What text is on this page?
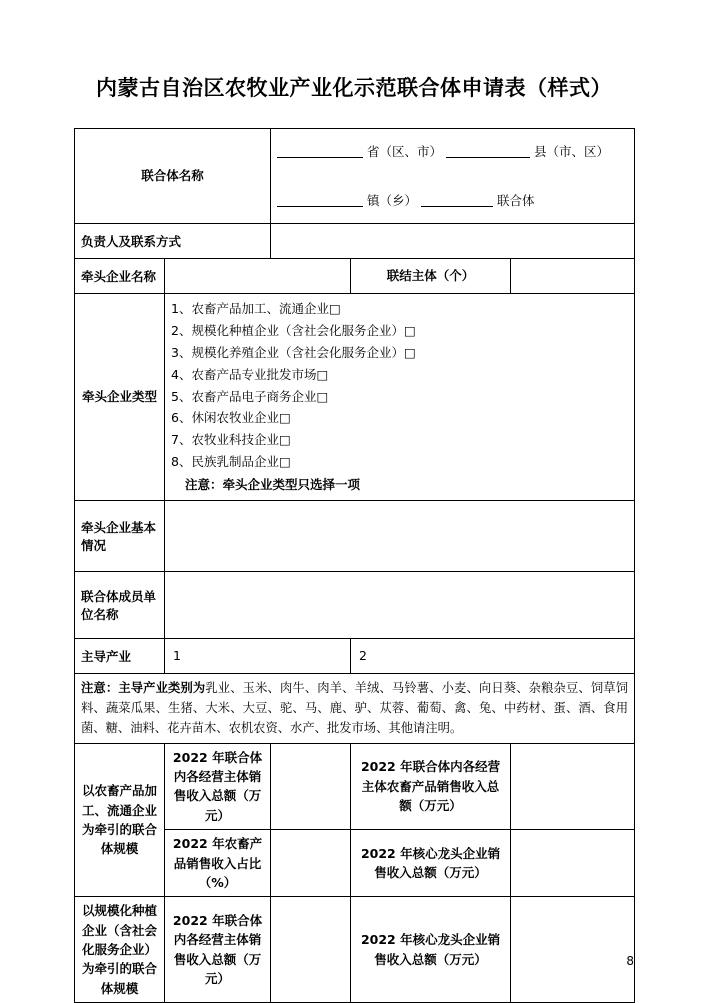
内蒙古自治区农牧业产业化示范联合体申请表（样式）
联合体名称		省（区、市） 县（市、区）
镇（乡） 联合体		

负责人及联系方式				
牵头企业名称			联结主体（个）	
牵头企业类型	
1、农畜产品加工、流通企业□
2、规模化种植企业（含社会化服务企业）□
3、规模化养殖企业（含社会化服务企业）□
4、农畜产品专业批发市场□
5、农畜产品电子商务企业□
6、休闲农牧业企业□
7、农牧业科技企业□
8、民族乳制品企业□
注意：牵头企业类型只选择一项

牵头企业基本情况				
联合体成员单位名称				
主导产业	1		2	
注意：主导产业类别为乳业、玉米、肉牛、肉羊、羊绒、马铃薯、小麦、向日葵、杂粮杂豆、饲草饲料、蔬菜瓜果、生猪、大米、大豆、驼、马、鹿、驴、苁蓉、葡萄、禽、兔、中药材、蛋、酒、食用菌、糖、油料、花卉苗木、农机农资、水产、批发市场、其他请注明。				
以农畜产品加工、流通企业为牵引的联合体规模	2022 年联合体内各经营主体销售收入总额（万元）		2022 年联合体内各经营主体农畜产品销售收入总额（万元）	
	2022 年农畜产品销售收入占比（%）		2022 年核心龙头企业销售收入总额（万元）	
以规模化种植企业（含社会化服务企业）为牵引的联合体规模	2022 年联合体内各经营主体销售收入总额（万元）		2022 年核心龙头企业销售收入总额（万元）		8
